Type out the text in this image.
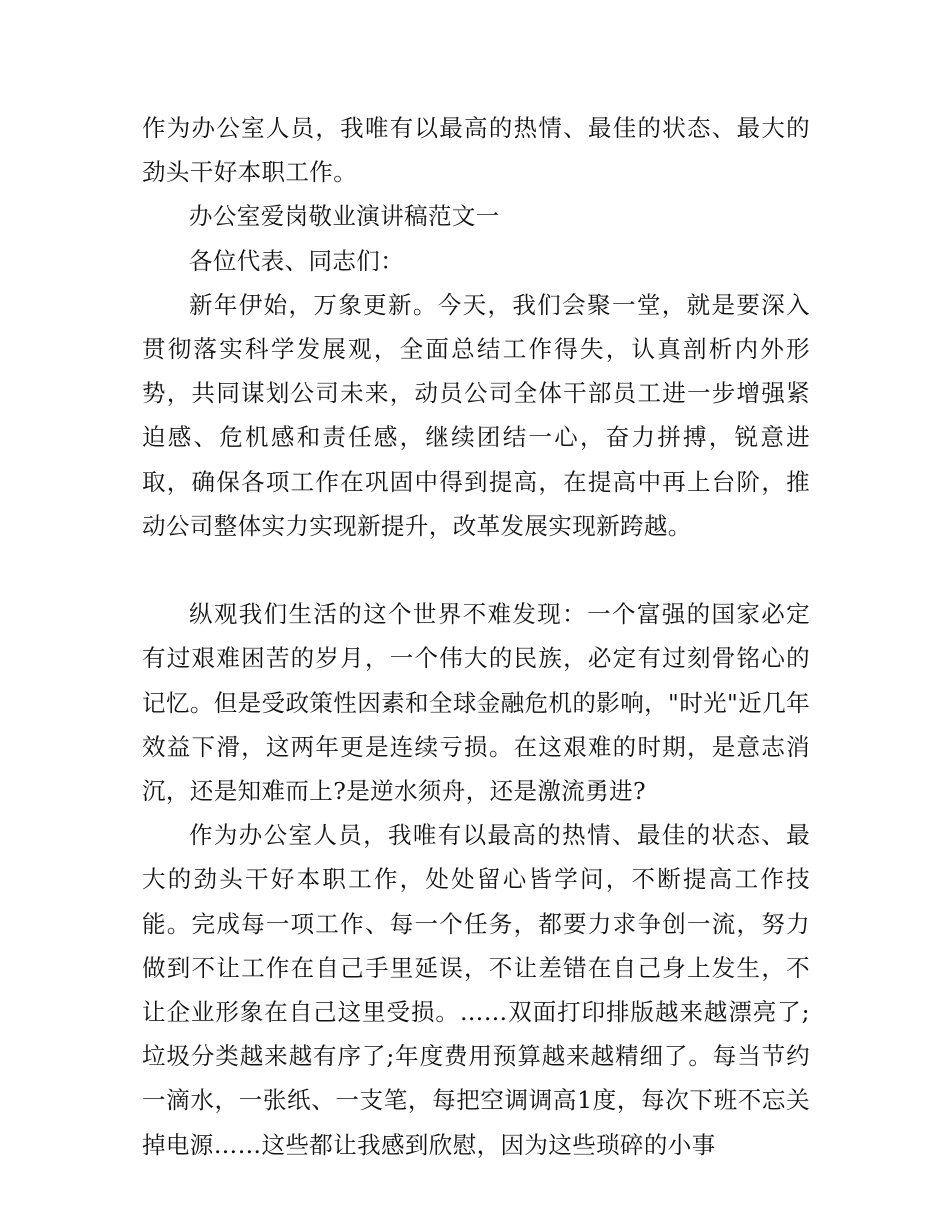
作为办公室人员，我唯有以最高的热情、最佳的状态、最大的劲头干好本职工作。

办公室爱岗敬业演讲稿范文一

各位代表、同志们：

新年伊始，万象更新。今天，我们会聚一堂，就是要深入贯彻落实科学发展观，全面总结工作得失，认真剖析内外形势，共同谋划公司未来，动员公司全体干部员工进一步增强紧迫感、危机感和责任感，继续团结一心，奋力拼搏，锐意进取，确保各项工作在巩固中得到提高，在提高中再上台阶，推动公司整体实力实现新提升，改革发展实现新跨越。

纵观我们生活的这个世界不难发现：一个富强的国家必定有过艰难困苦的岁月，一个伟大的民族，必定有过刻骨铭心的记忆。但是受政策性因素和全球金融危机的影响，"时光"近几年效益下滑，这两年更是连续亏损。在这艰难的时期，是意志消沉，还是知难而上?是逆水须舟，还是激流勇进?

作为办公室人员，我唯有以最高的热情、最佳的状态、最大的劲头干好本职工作，处处留心皆学问，不断提高工作技能。完成每一项工作、每一个任务，都要力求争创一流，努力做到不让工作在自己手里延误，不让差错在自己身上发生，不让企业形象在自己这里受损。……双面打印排版越来越漂亮了;垃圾分类越来越有序了;年度费用预算越来越精细了。每当节约一滴水，一张纸、一支笔，每把空调调高1度，每次下班不忘关掉电源……这些都让我感到欣慰，因为这些琐碎的小事
